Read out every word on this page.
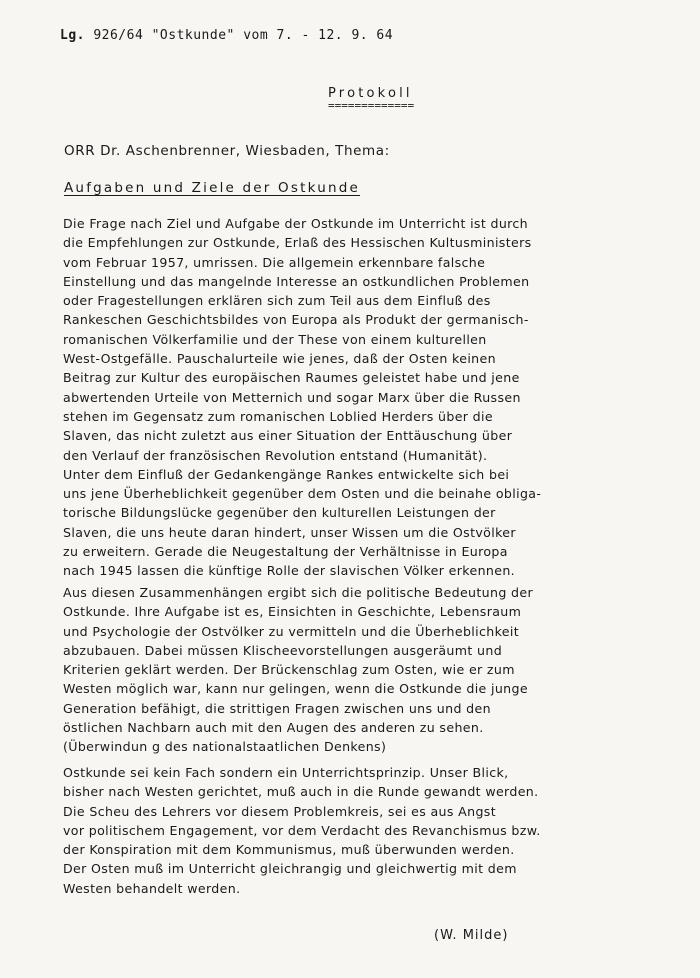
Lg. 926/64 "Ostkunde" vom 7. - 12. 9. 64
Protokoll
=============
ORR Dr. Aschenbrenner, Wiesbaden, Thema:
Aufgaben und Ziele der Ostkunde
Die Frage nach Ziel und Aufgabe der Ostkunde im Unterricht ist durch
die Empfehlungen zur Ostkunde, Erlaß des Hessischen Kultusministers
vom Februar 1957, umrissen. Die allgemein erkennbare falsche
Einstellung und das mangelnde Interesse an ostkundlichen Problemen
oder Fragestellungen erklären sich zum Teil aus dem Einfluß des
Rankeschen Geschichtsbildes von Europa als Produkt der germanisch-
romanischen Völkerfamilie und der These von einem kulturellen
West-Ostgefälle. Pauschalurteile wie jenes, daß der Osten keinen
Beitrag zur Kultur des europäischen Raumes geleistet habe und jene
abwertenden Urteile von Metternich und sogar Marx über die Russen
stehen im Gegensatz zum romanischen Loblied Herders über die
Slaven, das nicht zuletzt aus einer Situation der Enttäuschung über
den Verlauf der französischen Revolution entstand (Humanität).
Unter dem Einfluß der Gedankengänge Rankes entwickelte sich bei
uns jene Überheblichkeit gegenüber dem Osten und die beinahe obliga-
torische Bildungslücke gegenüber den kulturellen Leistungen der
Slaven, die uns heute daran hindert, unser Wissen um die Ostvölker
zu erweitern. Gerade die Neugestaltung der Verhältnisse in Europa
nach 1945 lassen die künftige Rolle der slavischen Völker erkennen.
Aus diesen Zusammenhängen ergibt sich die politische Bedeutung der
Ostkunde. Ihre Aufgabe ist es, Einsichten in Geschichte, Lebensraum
und Psychologie der Ostvölker zu vermitteln und die Überheblichkeit
abzubauen. Dabei müssen Klischeevorstellungen ausgeräumt und
Kriterien geklärt werden. Der Brückenschlag zum Osten, wie er zum
Westen möglich war, kann nur gelingen, wenn die Ostkunde die junge
Generation befähigt, die strittigen Fragen zwischen uns und den
östlichen Nachbarn auch mit den Augen des anderen zu sehen.
(Überwindun g des nationalstaatlichen Denkens)
Ostkunde sei kein Fach sondern ein Unterrichtsprinzip. Unser Blick,
bisher nach Westen gerichtet, muß auch in die Runde gewandt werden.
Die Scheu des Lehrers vor diesem Problemkreis, sei es aus Angst
vor politischem Engagement, vor dem Verdacht des Revanchismus bzw.
der Konspiration mit dem Kommunismus, muß überwunden werden.
Der Osten muß im Unterricht gleichrangig und gleichwertig mit dem
Westen behandelt werden.
(W. Milde)
